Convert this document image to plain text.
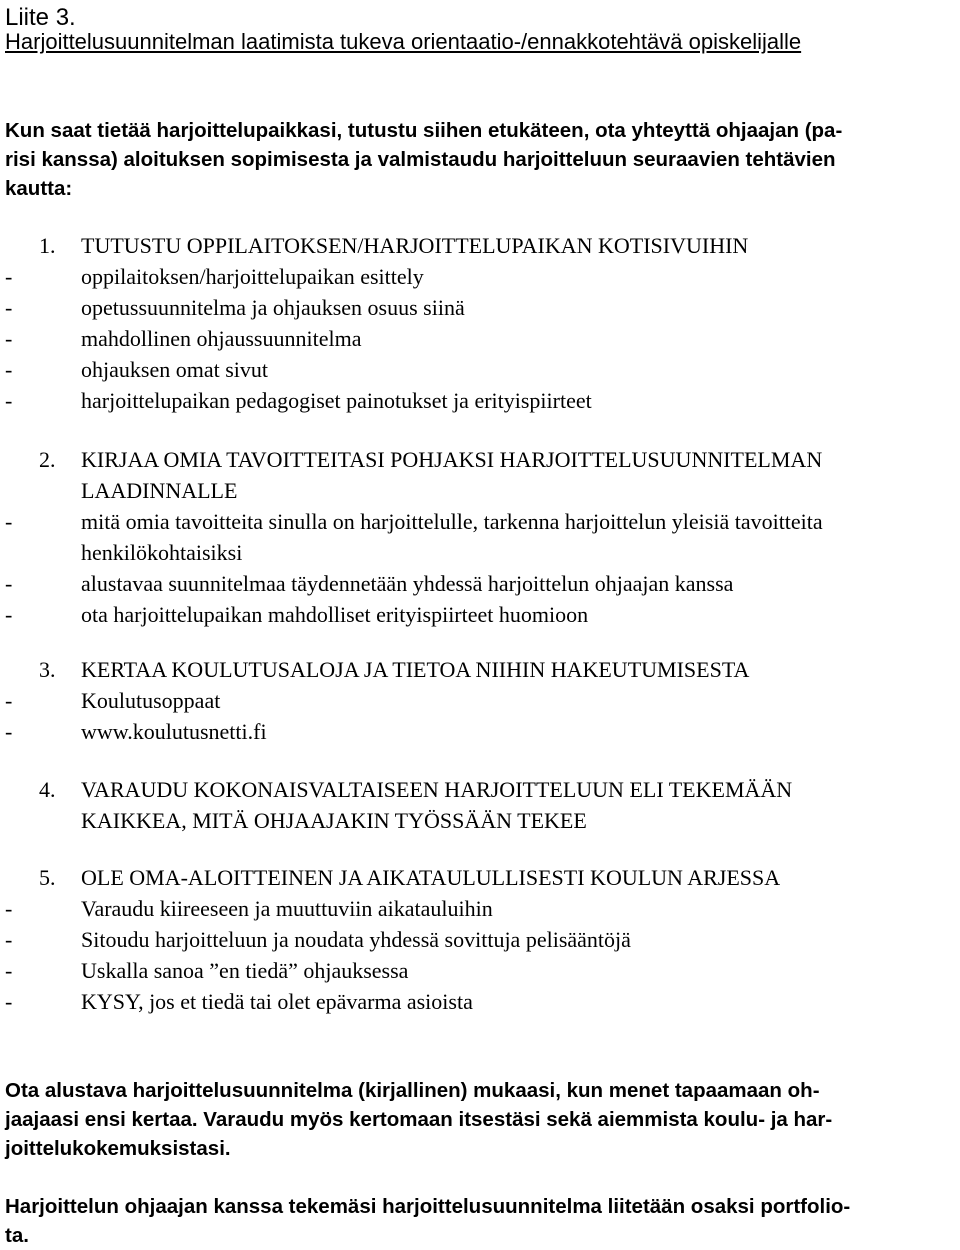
Liite 3.
Harjoittelusuunnitelman laatimista tukeva orientaatio-/ennakkotehtävä opiskelijalle
Kun saat tietää harjoittelupaikkasi, tutustu siihen etukäteen, ota yhteyttä ohjaajan (pa-
risi kanssa) aloituksen sopimisesta ja valmistaudu harjoitteluun seuraavien tehtävien
kautta:
1. TUTUSTU OPPILAITOKSEN/HARJOITTELUPAIKAN KOTISIVUIHIN
-	oppilaitoksen/harjoittelupaikan esittely
-	opetussuunnitelma ja ohjauksen osuus siinä
-	mahdollinen ohjaussuunnitelma
-	ohjauksen omat sivut
-	harjoittelupaikan pedagogiset painotukset ja erityispiirteet
2. KIRJAA OMIA TAVOITTEITASI POHJAKSI HARJOITTELUSUUNNITELMAN
LAADINNALLE
-	mitä omia tavoitteita sinulla on harjoittelulle, tarkenna harjoittelun yleisiä tavoitteita
henkilökohtaisiksi
-	alustavaa suunnitelmaa täydennetään yhdessä harjoittelun ohjaajan kanssa
-	ota harjoittelupaikan mahdolliset erityispiirteet huomioon
3. KERTAA KOULUTUSALOJA JA TIETOA NIIHIN HAKEUTUMISESTA
-	Koulutusoppaat
-	www.koulutusnetti.fi
4. VARAUDU KOKONAISVALTAISEEN HARJOITTELUUN ELI TEKEMÄÄN
KAIKKEA, MITÄ OHJAAJAKIN TYÖSSÄÄN TEKEE
5. OLE OMA-ALOITTEINEN JA AIKATAULULLISESTI KOULUN ARJESSA
-	Varaudu kiireeseen ja muuttuviin aikatauluihin
-	Sitoudu harjoitteluun ja noudata yhdessä sovittuja pelisääntöjä
-	Uskalla sanoa ”en tiedä” ohjauksessa
-	KYSY, jos et tiedä tai olet epävarma asioista
Ota alustava harjoittelusuunnitelma (kirjallinen) mukaasi, kun menet tapaamaan oh-
jaajaasi ensi kertaa. Varaudu myös kertomaan itsestäsi sekä aiemmista koulu- ja har-
joittelukokemuksistasi.
Harjoittelun ohjaajan kanssa tekemäsi harjoittelusuunnitelma liitetään osaksi portfolio-
ta.
